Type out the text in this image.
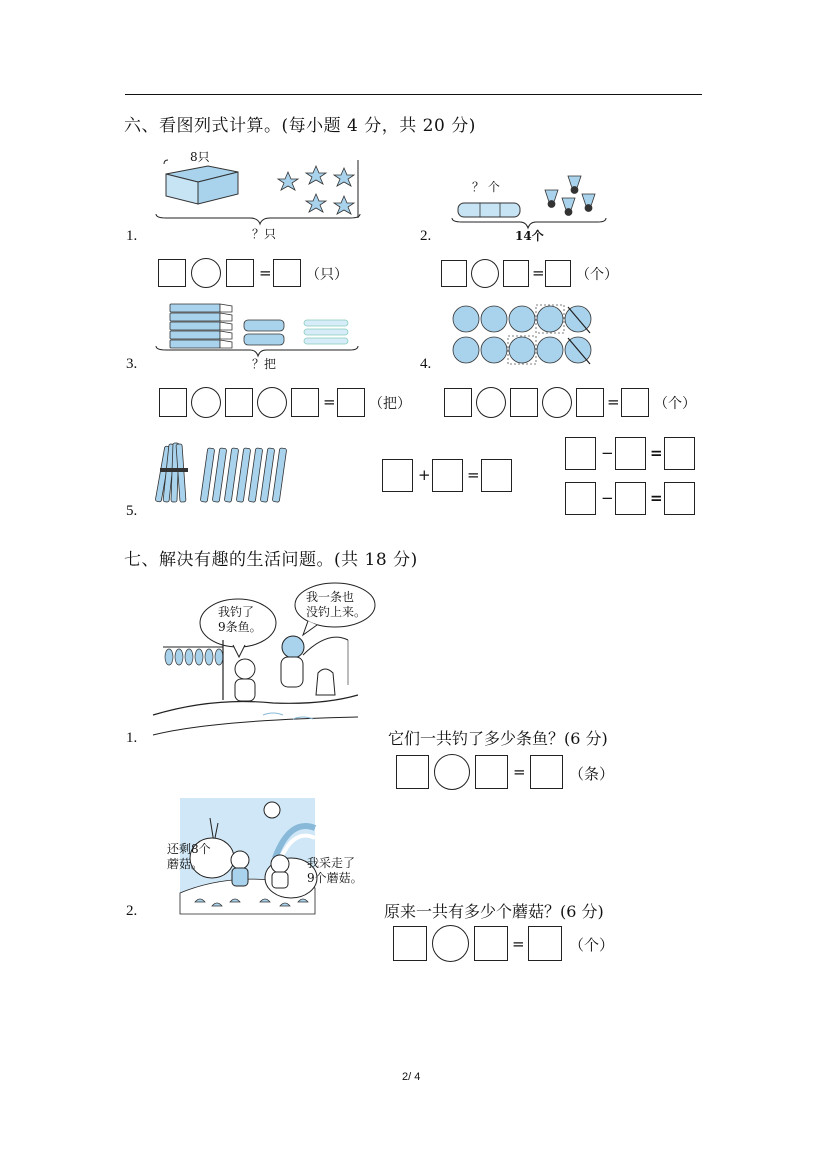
六、看图列式计算。(每小题 4 分，共 20 分)
8只
1.	？只
= （只）
？ 个
2.	14个
= （个）
3.	？把
= （把）
4.
= （个）
5.
+ =
− =
− =
七、解决有趣的生活问题。(共 18 分)
我钓了
9条鱼。
我一条也
没钓上来。
1.	它们一共钓了多少条鱼？(6 分)
=	（条）
还剩8个
蘑菇。	我采走了
9个蘑菇。
2.	原来一共有多少个蘑菇？(6 分)
=	（个）
2/ 4
